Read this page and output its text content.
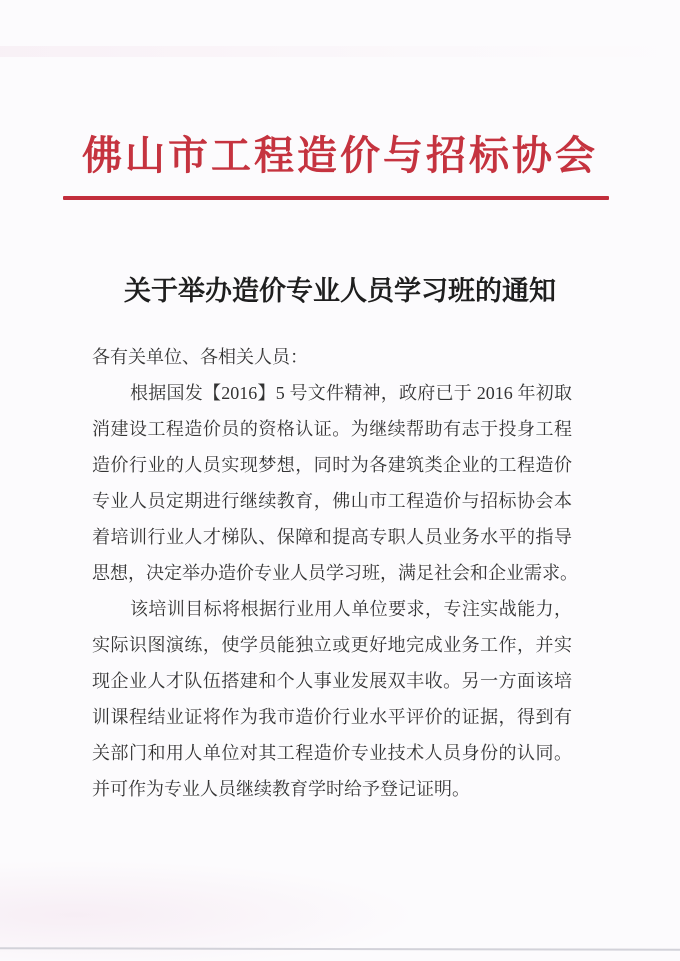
佛山市工程造价与招标协会
关于举办造价专业人员学习班的通知
各有关单位、各相关人员：
根据国发【2016】5 号文件精神，政府已于 2016 年初取
消建设工程造价员的资格认证。为继续帮助有志于投身工程
造价行业的人员实现梦想，同时为各建筑类企业的工程造价
专业人员定期进行继续教育，佛山市工程造价与招标协会本
着培训行业人才梯队、保障和提高专职人员业务水平的指导
思想，决定举办造价专业人员学习班，满足社会和企业需求。
该培训目标将根据行业用人单位要求，专注实战能力，
实际识图演练，使学员能独立或更好地完成业务工作，并实
现企业人才队伍搭建和个人事业发展双丰收。另一方面该培
训课程结业证将作为我市造价行业水平评价的证据，得到有
关部门和用人单位对其工程造价专业技术人员身份的认同。
并可作为专业人员继续教育学时给予登记证明。
